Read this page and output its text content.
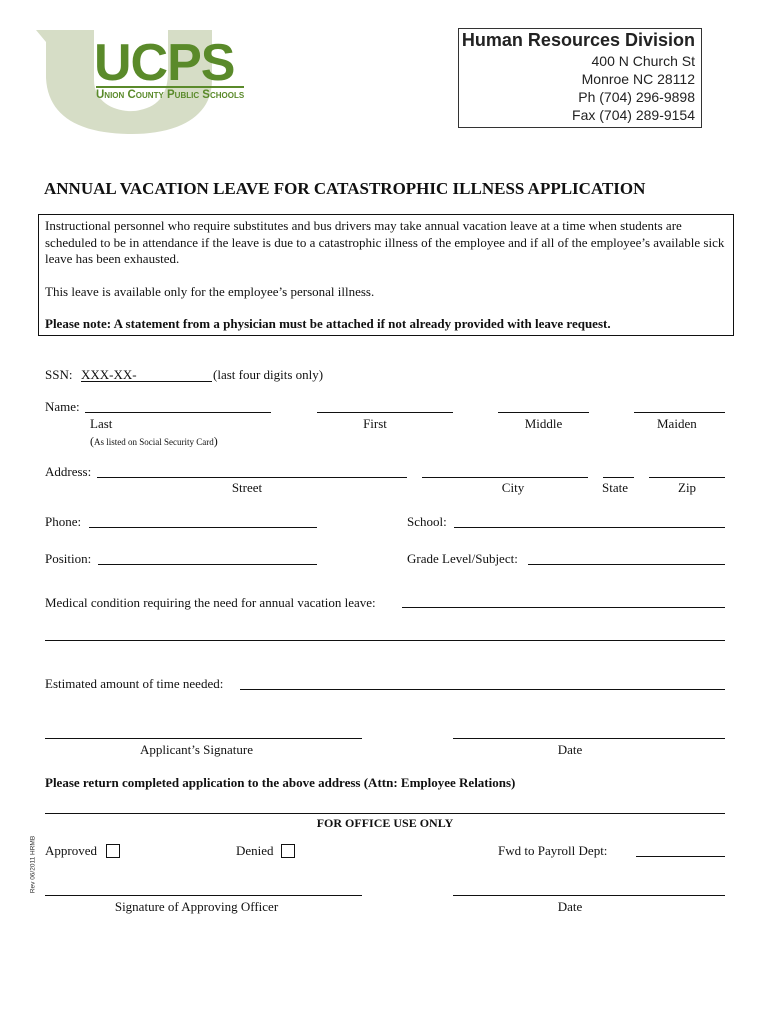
UCPS
Union County Public Schools
Human Resources Division
400 N Church St
Monroe NC 28112
Ph (704) 296-9898
Fax (704) 289-9154
ANNUAL VACATION LEAVE FOR CATASTROPHIC ILLNESS APPLICATION

Instructional personnel who require substitutes and bus drivers may take annual vacation leave at a time when students are scheduled to be in attendance if the leave is due to a catastrophic illness of the employee and if all of the employee’s available sick leave has been exhausted.

This leave is available only for the employee’s personal illness.

Please note: A statement from a physician must be attached if not already provided with leave request.

SSN: XXX-XX-	(last four digits only)
Name:
Last	First	Middle	Maiden
(As listed on Social Security Card)
Address:
Street	City	State	Zip
Phone:	School:
Position:	Grade Level/Subject:
Medical condition requiring the need for annual vacation leave:
Estimated amount of time needed:
Applicant’s Signature	Date
Please return completed application to the above address (Attn: Employee Relations)
FOR OFFICE USE ONLY
Approved	Denied	Fwd to Payroll Dept:
Signature of Approving Officer	Date
Rev 06/2011 HRMB
